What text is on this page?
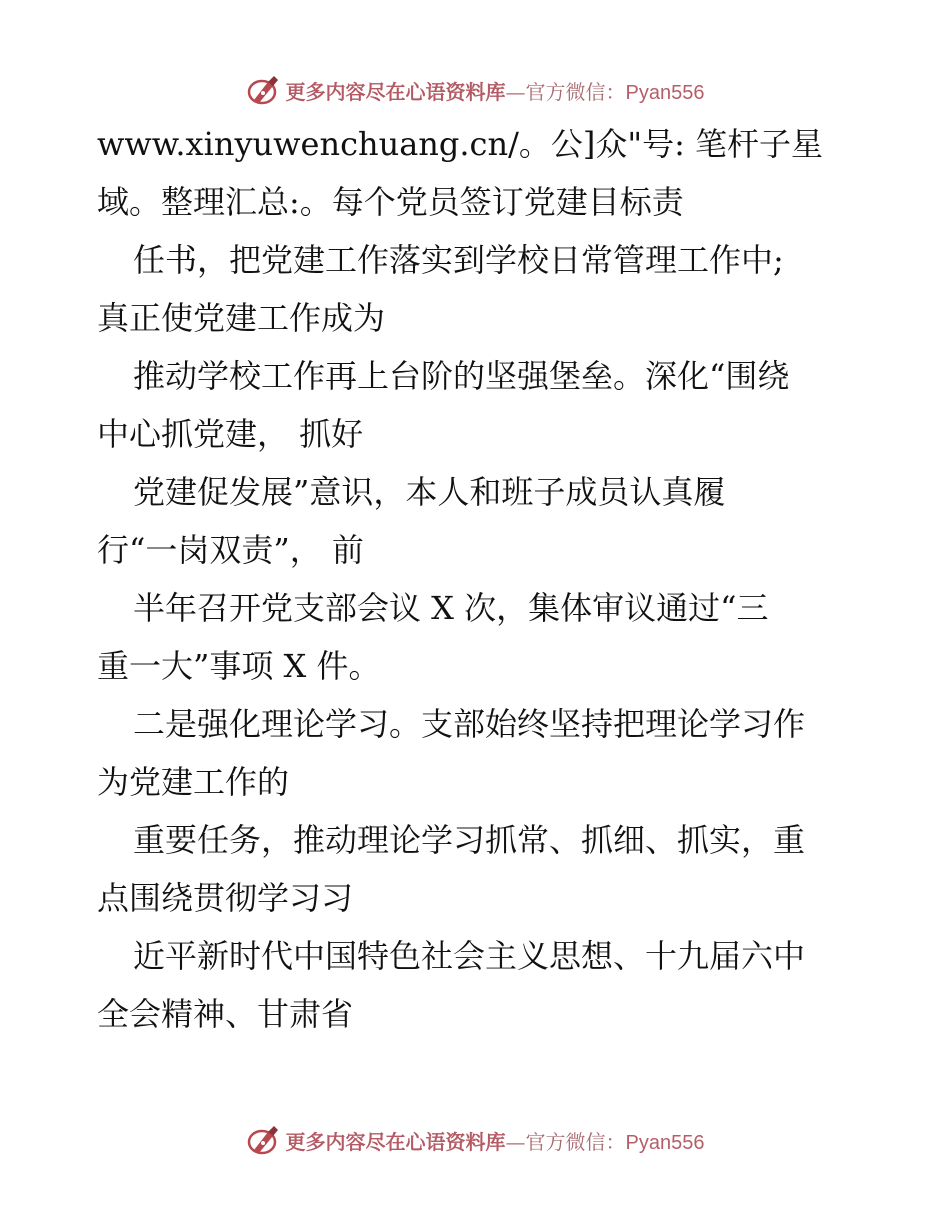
更多内容尽在心语资料库—官方微信：Pyan556
www.xinyuwenchuang.cn/。公]众"号: 笔杆子星
域。整理汇总:。每个党员签订党建目标责
任书，把党建工作落实到学校日常管理工作中;
真正使党建工作成为
推动学校工作再上台阶的坚强堡垒。深化“围绕
中心抓党建， 抓好
党建促发展”意识，本人和班子成员认真履
行“一岗双责”， 前
半年召开党支部会议 X 次，集体审议通过“三
重一大”事项 X 件。
二是强化理论学习。支部始终坚持把理论学习作
为党建工作的
重要任务，推动理论学习抓常、抓细、抓实，重
点围绕贯彻学习习
近平新时代中国特色社会主义思想、十九届六中
全会精神、甘肃省
更多内容尽在心语资料库—官方微信：Pyan556
